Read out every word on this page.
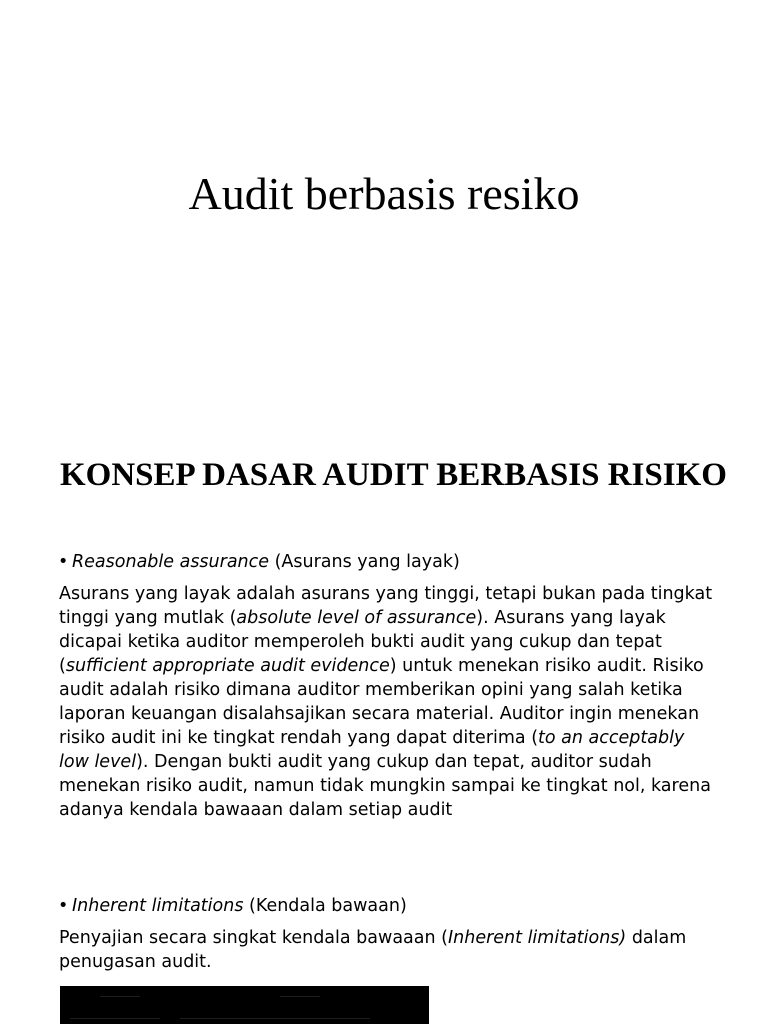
Audit berbasis resiko
KONSEP DASAR AUDIT BERBASIS RISIKO

• Reasonable assurance (Asurans yang layak)

Asurans yang layak adalah asurans yang tinggi, tetapi bukan pada tingkat tinggi yang mutlak (absolute level of assurance). Asurans yang layak dicapai ketika auditor memperoleh bukti audit yang cukup dan tepat (sufficient appropriate audit evidence) untuk menekan risiko audit. Risiko audit adalah risiko dimana auditor memberikan opini yang salah ketika laporan keuangan disalahsajikan secara material. Auditor ingin menekan risiko audit ini ke tingkat rendah yang dapat diterima (to an acceptably low level). Dengan bukti audit yang cukup dan tepat, auditor sudah menekan risiko audit, namun tidak mungkin sampai ke tingkat nol, karena adanya kendala bawaaan dalam setiap audit

• Inherent limitations (Kendala bawaan)

Penyajian secara singkat kendala bawaaan (Inherent limitations) dalam penugasan audit.
